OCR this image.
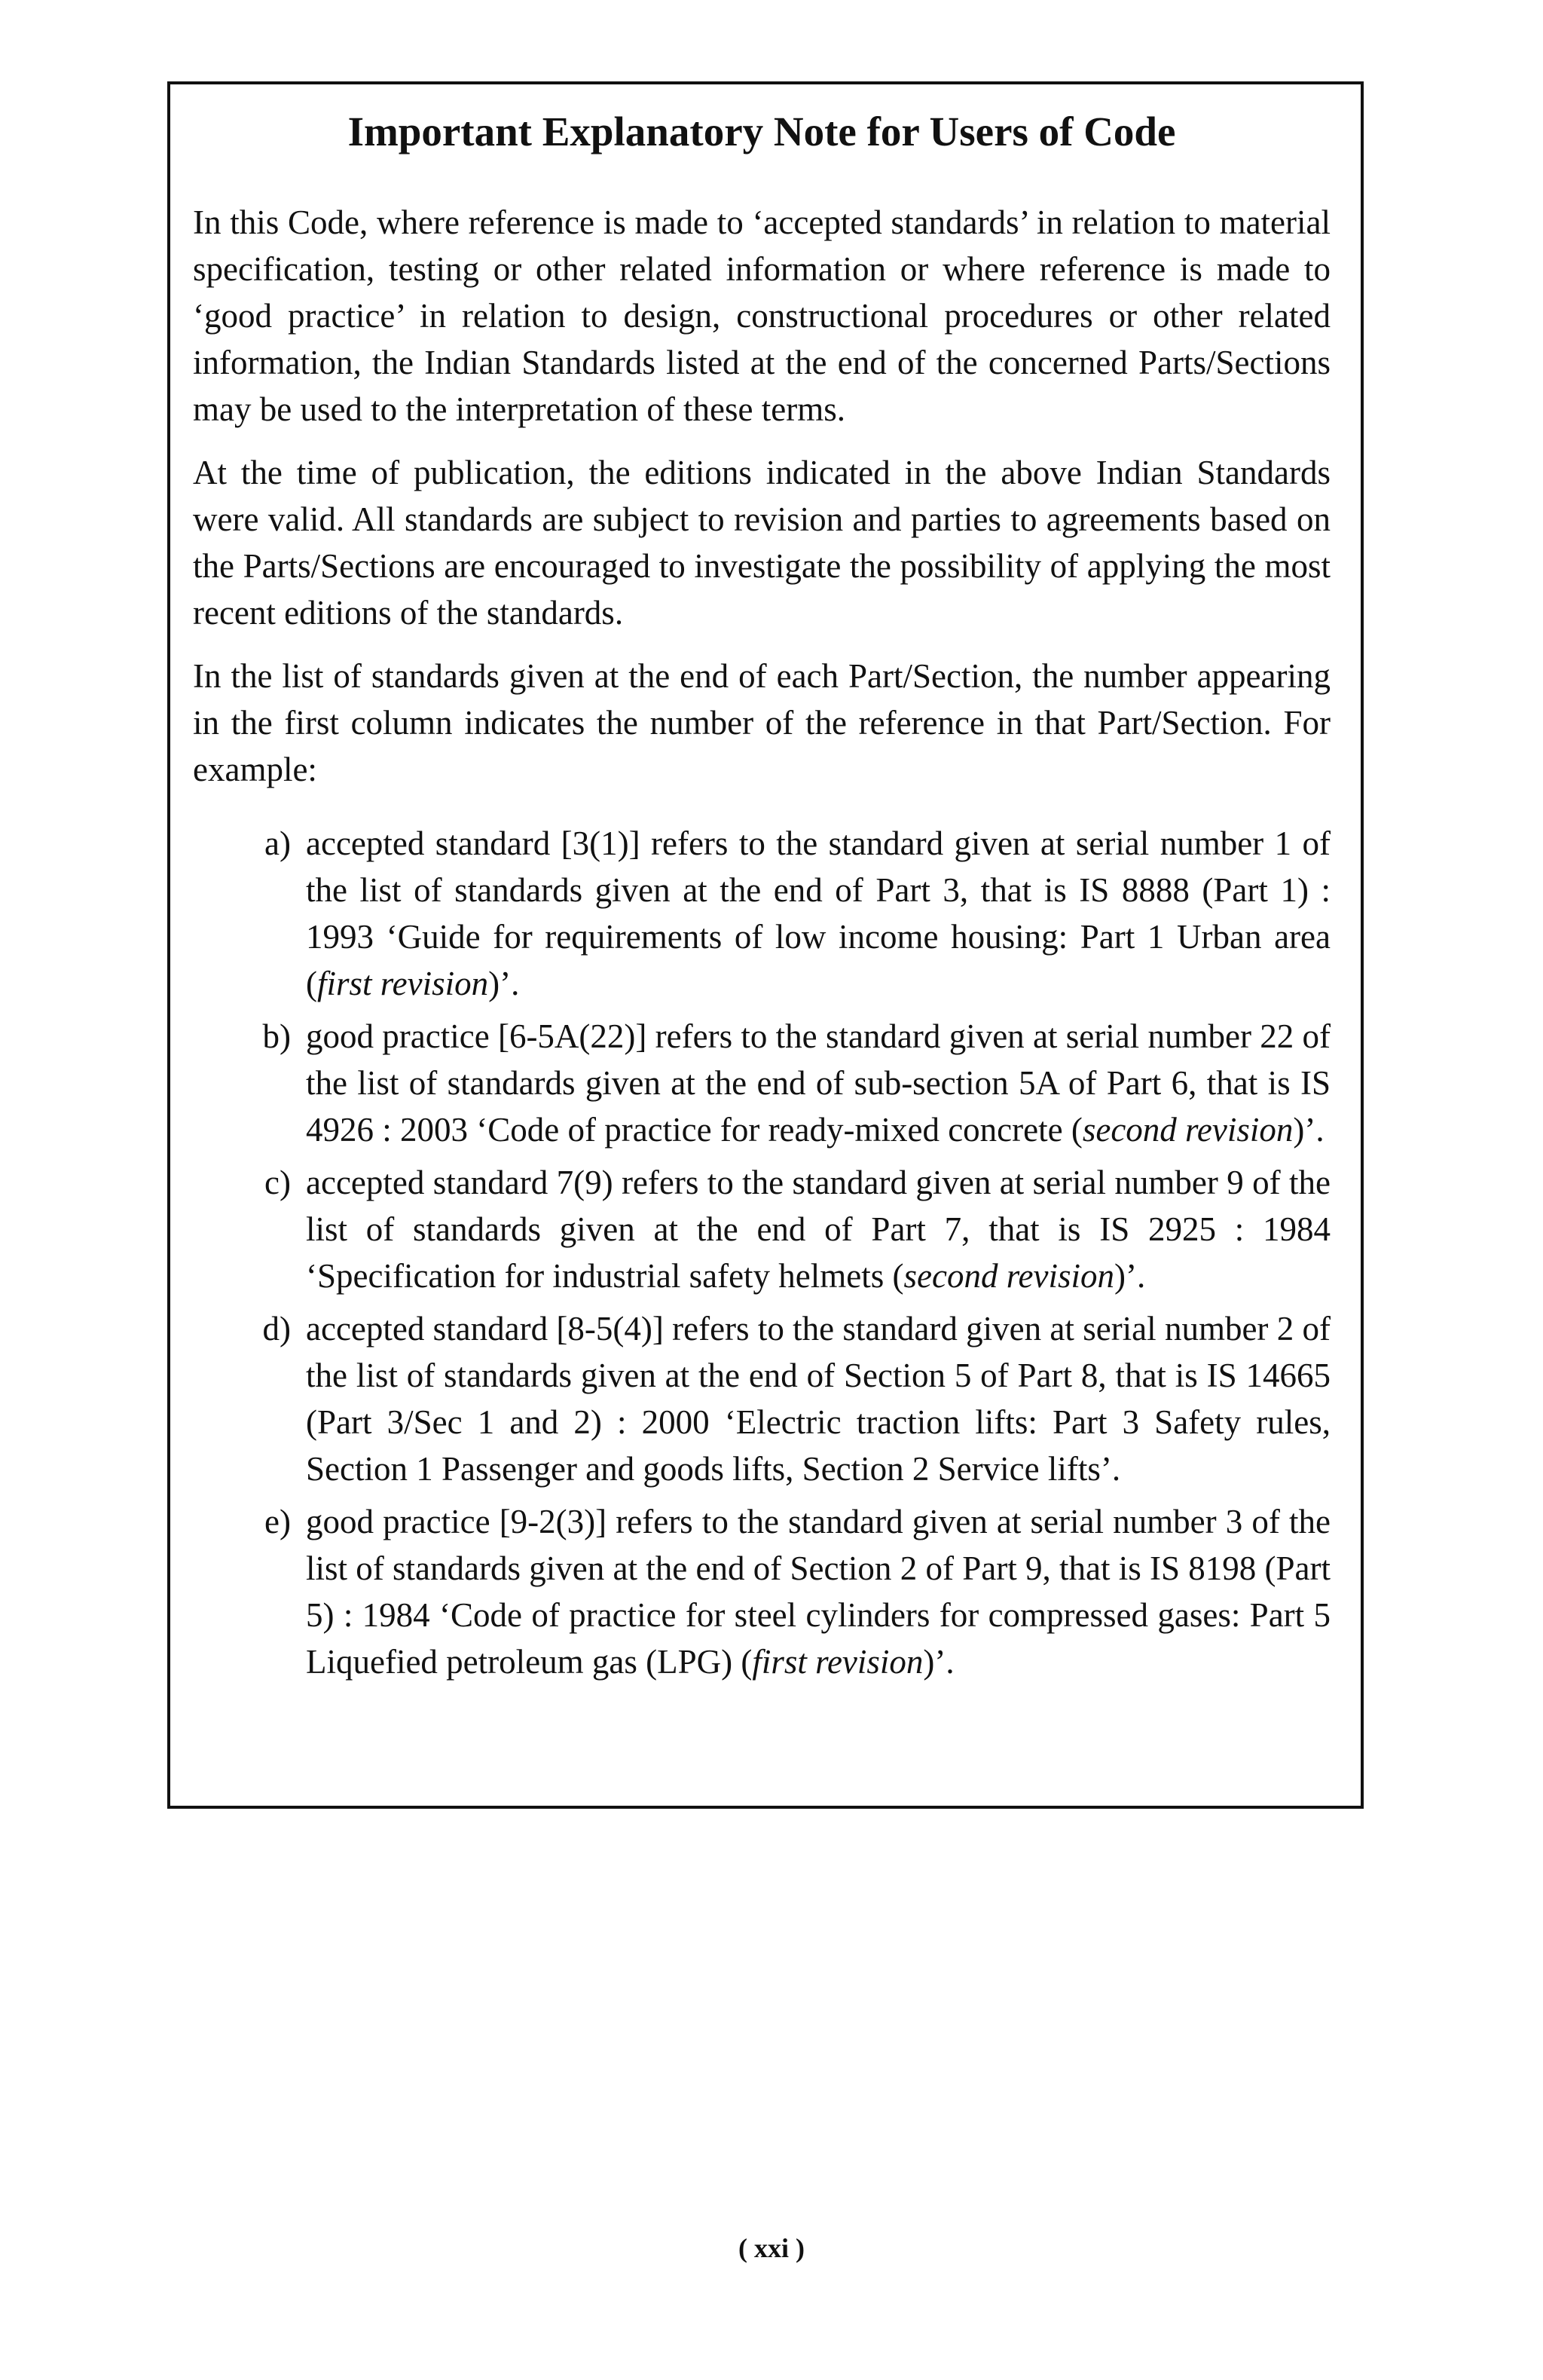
Important Explanatory Note for Users of Code

In this Code, where reference is made to ‘accepted standards’ in relation to material specification, testing or other related information or where reference is made to ‘good practice’ in relation to design, constructional procedures or other related information, the Indian Standards listed at the end of the concerned Parts/Sections may be used to the interpretation of these terms.

At the time of publication, the editions indicated in the above Indian Standards were valid. All standards are subject to revision and parties to agreements based on the Parts/Sections are encouraged to investigate the possibility of applying the most recent editions of the standards.

In the list of standards given at the end of each Part/Section, the number appearing in the first column indicates the number of the reference in that Part/Section. For example:

a) accepted standard [3(1)] refers to the standard given at serial number 1 of the list of standards given at the end of Part 3, that is IS 8888 (Part 1) : 1993 ‘Guide for requirements of low income housing: Part 1 Urban area (first revision)’.
b) good practice [6-5A(22)] refers to the standard given at serial number 22 of the list of standards given at the end of sub-section 5A of Part 6, that is IS 4926 : 2003 ‘Code of practice for ready-mixed concrete (second revision)’.
c) accepted standard 7(9) refers to the standard given at serial number 9 of the list of standards given at the end of Part 7, that is IS 2925 : 1984 ‘Specification for industrial safety helmets (second revision)’.
d) accepted standard [8-5(4)] refers to the standard given at serial number 2 of the list of standards given at the end of Section 5 of Part 8, that is IS 14665 (Part 3/Sec 1 and 2) : 2000 ‘Electric traction lifts: Part 3 Safety rules, Section 1 Passenger and goods lifts, Section 2 Service lifts’.
e) good practice [9-2(3)] refers to the standard given at serial number 3 of the list of standards given at the end of Section 2 of Part 9, that is IS 8198 (Part 5) : 1984 ‘Code of practice for steel cylinders for compressed gases: Part 5 Liquefied petroleum gas (LPG) (first revision)’.
( xxi )
